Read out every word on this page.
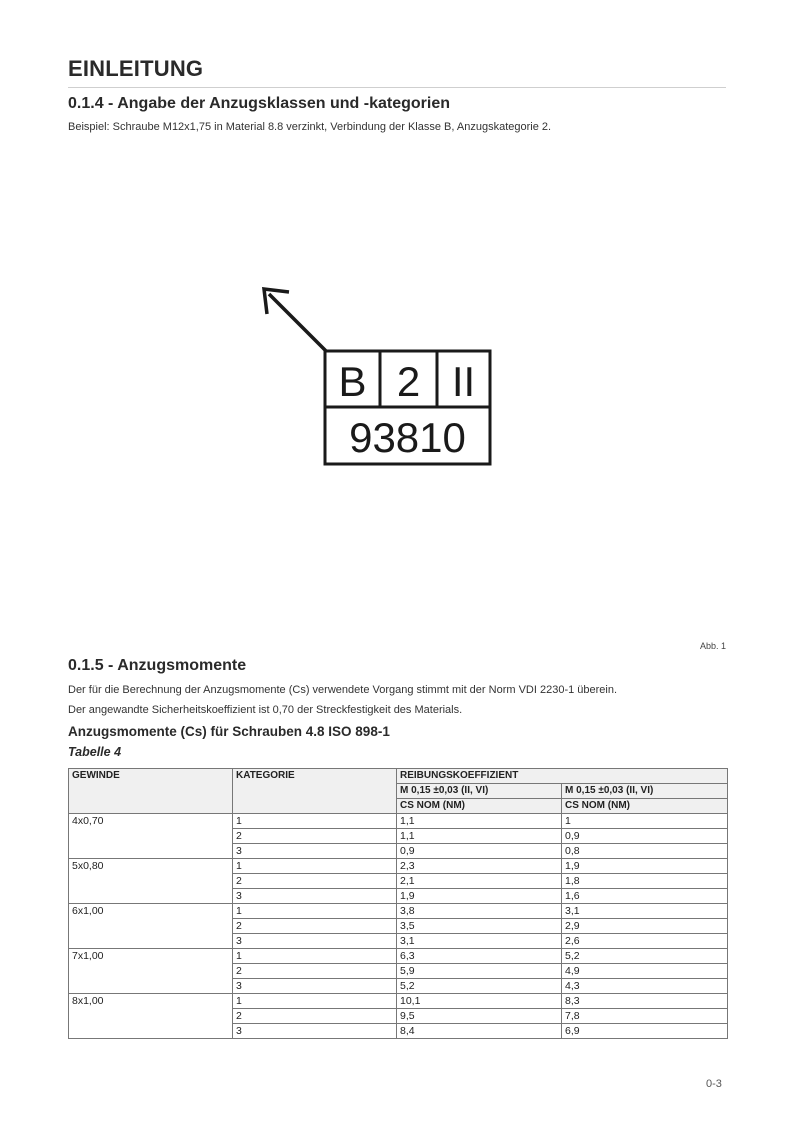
EINLEITUNG
0.1.4 - Angabe der Anzugsklassen und -kategorien
Beispiel: Schraube M12x1,75 in Material 8.8 verzinkt, Verbindung der Klasse B, Anzugskategorie 2.
B 2 II
93810
Abb. 1
0.1.5 - Anzugsmomente
Der für die Berechnung der Anzugsmomente (Cs) verwendete Vorgang stimmt mit der Norm VDI 2230-1 überein.
Der angewandte Sicherheitskoeffizient ist 0,70 der Streckfestigkeit des Materials.
Anzugsmomente (Cs) für Schrauben 4.8 ISO 898-1
Tabelle 4
GEWINDE	KATEGORIE	REIBUNGSKOEFFIZIENT	
		M 0,15 ±0,03 (II, VI)	M 0,15 ±0,03 (II, VI)
		CS NOM (NM)	CS NOM (NM)
4x0,70	1	1,1	1
	2	1,1	0,9
	3	0,9	0,8
5x0,80	1	2,3	1,9
	2	2,1	1,8
	3	1,9	1,6
6x1,00	1	3,8	3,1
	2	3,5	2,9
	3	3,1	2,6
7x1,00	1	6,3	5,2
	2	5,9	4,9
	3	5,2	4,3
8x1,00	1	10,1	8,3
	2	9,5	7,8
	3	8,4	6,9
0-3
